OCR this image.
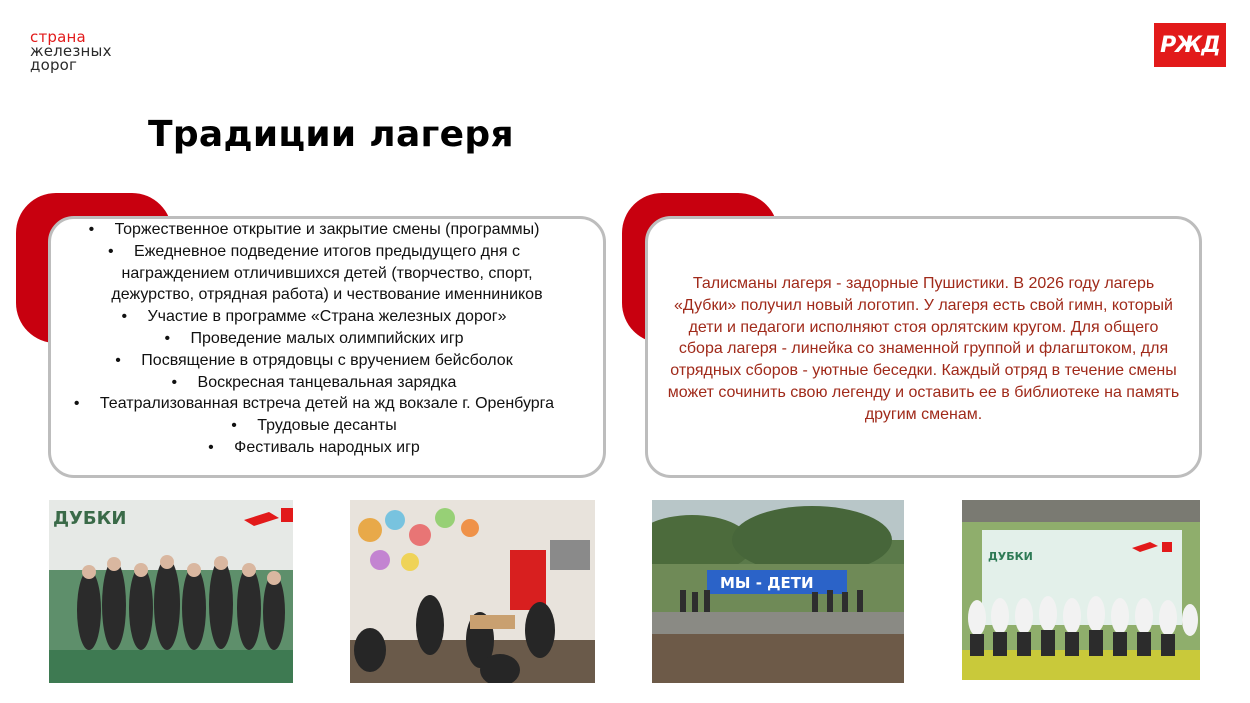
страна
железных
дорог
РЖД
Традиции лагеря
• Торжественное открытие и закрытие смены (программы)
• Ежедневное подведение итогов предыдущего дня с награждением отличившихся детей (творчество, спорт, дежурство, отрядная работа) и чествование именниников
• Участие в программе «Страна железных дорог»
• Проведение малых олимпийских игр
• Посвящение в отрядовцы с вручением бейсболок
• Воскресная танцевальная зарядка
• Театрализованная встреча детей на жд вокзале г. Оренбурга
• Трудовые десанты
• Фестиваль народных игр
Талисманы лагеря - задорные Пушистики. В 2026 году лагерь «Дубки» получил новый логотип. У лагеря есть свой гимн, который дети и педагоги исполняют стоя орлятским кругом. Для общего сбора лагеря - линейка со знаменной группой и флагштоком, для отрядных сборов - уютные беседки. Каждый отряд в течение смены может сочинить свою легенду и оставить ее в библиотеке на память другим сменам.
ДУБКИ
МЫ - ДЕТИ
ДУБКИ
